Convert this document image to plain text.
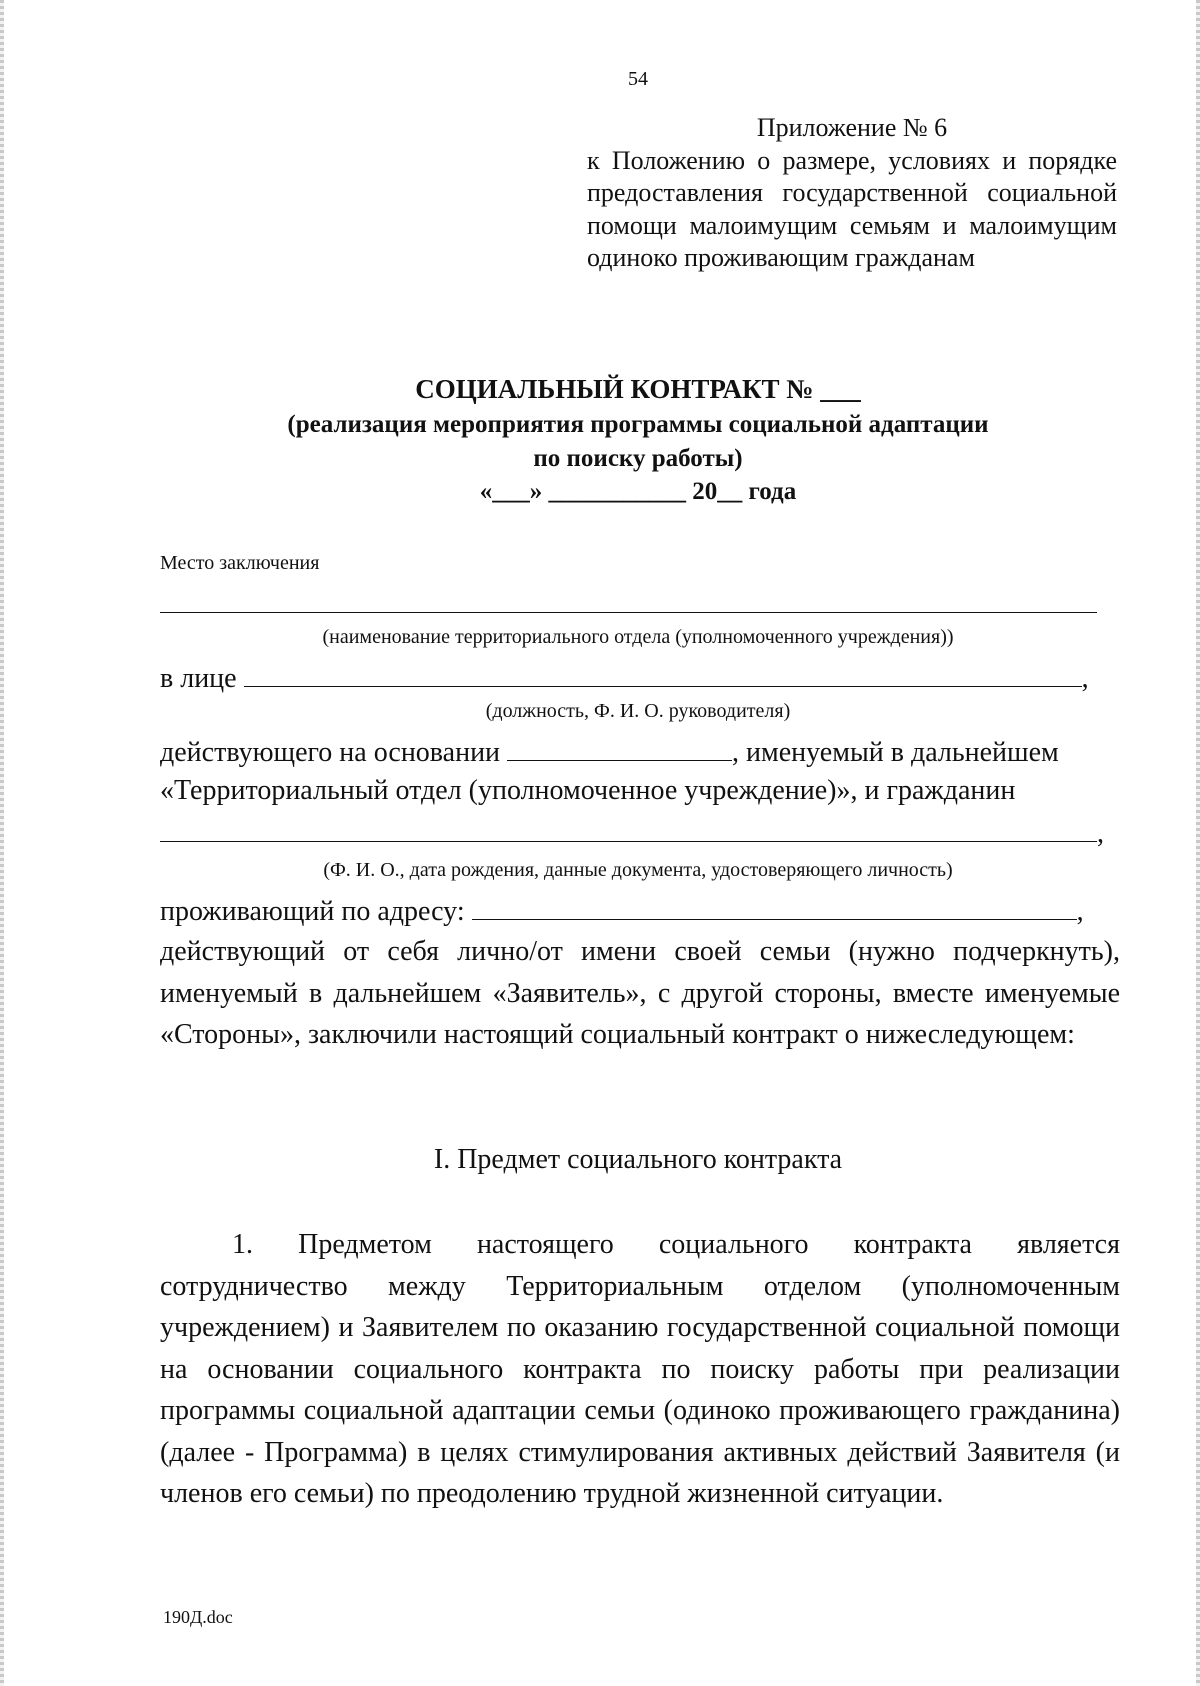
54
Приложение № 6
к Положению о размере, условиях и порядке предоставления государственной социальной помощи малоимущим семьям и малоимущим одиноко проживающим гражданам
СОЦИАЛЬНЫЙ КОНТРАКТ № ___
(реализация мероприятия программы социальной адаптации
по поиску работы)
«___» ___________ 20__ года
Место заключения
(наименование территориального отдела (уполномоченного учреждения))
в лице	,
(должность, Ф. И. О. руководителя)
действующего на основании	, именуемый в дальнейшем
«Территориальный отдел (уполномоченное учреждение)», и гражданин
,
(Ф. И. О., дата рождения, данные документа, удостоверяющего личность)
проживающий по адресу:	,
действующий от себя лично/от имени своей семьи (нужно подчеркнуть), именуемый в дальнейшем «Заявитель», с другой стороны, вместе именуемые «Стороны», заключили настоящий социальный контракт о нижеследующем:
I. Предмет социального контракта
1. Предметом настоящего социального контракта является сотрудничество между Территориальным отделом (уполномоченным учреждением) и Заявителем по оказанию государственной социальной помощи на основании социального контракта по поиску работы при реализации программы социальной адаптации семьи (одиноко проживающего гражданина) (далее - Программа) в целях стимулирования активных действий Заявителя (и членов его семьи) по преодолению трудной жизненной ситуации.
190Д.doc
